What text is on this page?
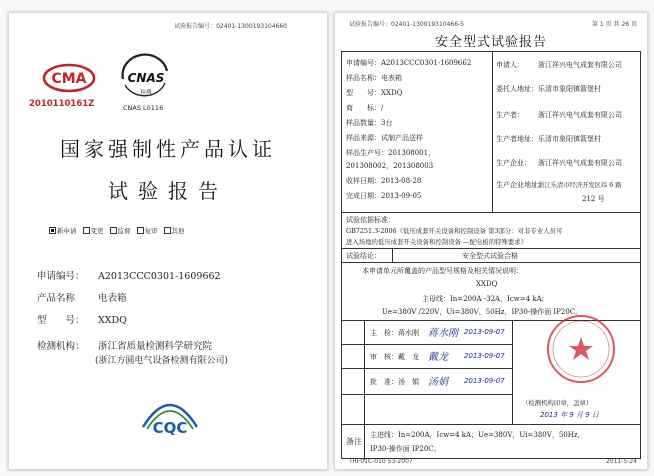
试验报告编号：02401-1300193104660
CMA
2010110161Z
CNAS
检测
CNAS L0116
国家强制性产品认证
试验报告
新申请 变更 监督 复审 其他
申请编号： A2013CCC0301-1609662
产品名称 电表箱
型　　号： XXDQ
检测机构： 浙江省质量检测科学研究院
(浙江方圆电气设备检测有限公司)
CQC
试验报告编号：02401-130019310466-5	第 1 页 共 26 页
安全型式试验报告
申请编号：A2013CCC0301-1609662
样品名称：电表箱
型　　号：XXDQ
商　　标：/
样品数量：3台
样品来源：试制产品送样
样品生产号：201308001，
201308002，201308003
收样日期：2013-08-28
完成日期：2013-09-05
申请人： 浙江祥兴电气成套有限公司
委托人地址： 乐清市象阳镇箭堡村
生产者： 浙江祥兴电气成套有限公司
生产者地址： 乐清市象阳镇箭堡村
生产企业： 浙江祥兴电气成套有限公司
生产企业地址：
浙江乐清市经济开发区纬 6 路
212 号
试验依据标准：
GB7251.3-2006《低压成套开关设备和控制设备 第3部分：对非专业人员可
进入场地的低压成套开关设备和控制设备 —配电板的特殊要求》
试验结论：	安全型式试验合格
本申请单元所覆盖的产品型号规格及相关情况说明：
XXDQ
主母线：In=200A -32A，Icw=4 kA;
Ue=380V /220V，Ui=380V，50Hz，IP30-操作面 IP20C。
主　检：蒋水刚 蒋水刚 2013-09-07
审　核：戴　龙 戴龙 2013-09-07
批　准：汤　娟 汤娟 2013-09-07
（检测机构印章，盖章）
2013 年 9 月 9 日
备注
主进线：In=200A，Icw=4 kA；Ue=380V，Ui=380V，50Hz，
IP30-操作面 IP20C。
TRF01C-010 53-2007	2011-5-24
